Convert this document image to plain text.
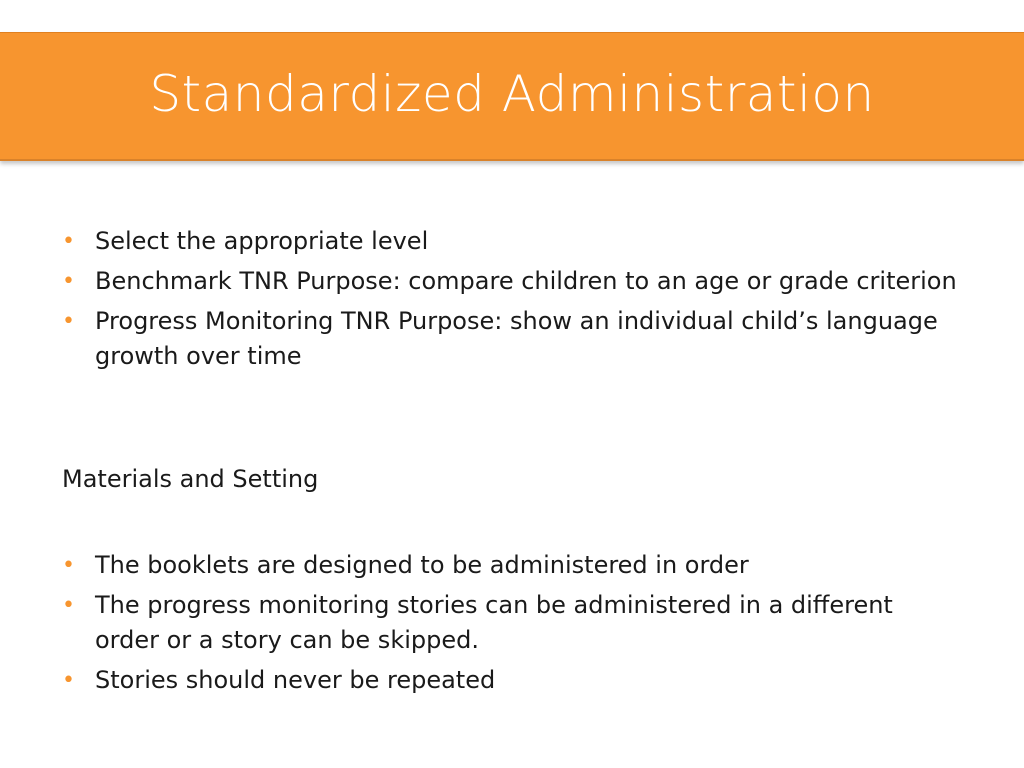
Standardized Administration
• Select the appropriate level
• Benchmark TNR Purpose: compare children to an age or grade criterion
• Progress Monitoring TNR Purpose: show an individual child’s language growth over time

Materials and Setting

• The booklets are designed to be administered in order
• The progress monitoring stories can be administered in a different order or a story can be skipped.
• Stories should never be repeated
